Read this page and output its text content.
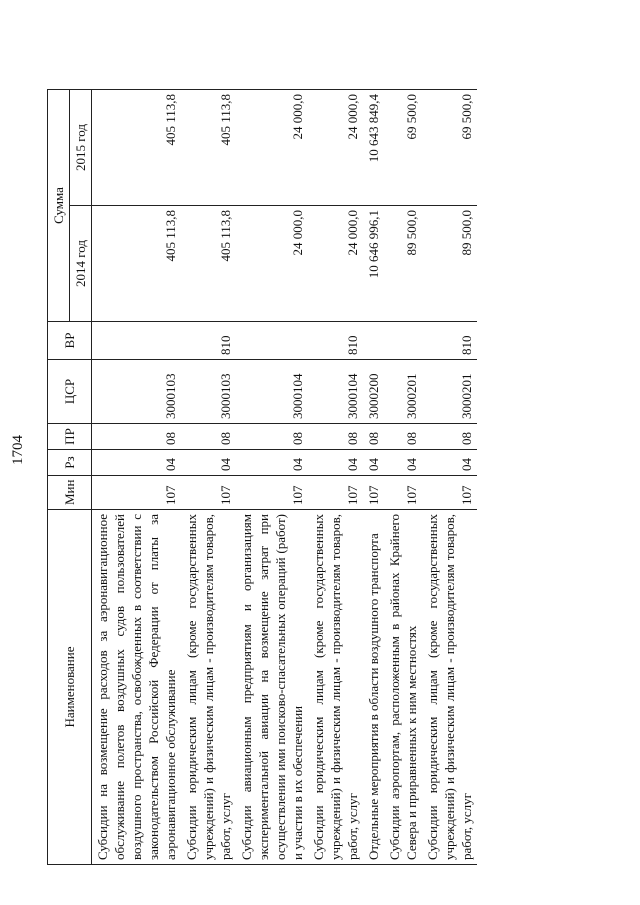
1704
Наименование	Мин	Рз	ПР	ЦСР	ВР	Сумма	
						2014 год	2015 год
Субсидии на возмещение расходов за аэронавигационное обслуживание полетов воздушных судов пользователей воздушного пространства, освобожденных в соответствии с законодательством Российской Федерации от платы за аэронавигационное обслуживание	107	04	08	3000103		405 113,8	405 113,8
Субсидии юридическим лицам (кроме государственных учреждений) и физическим лицам - производителям товаров, работ, услуг	107	04	08	3000103	810	405 113,8	405 113,8
Субсидии авиационным предприятиям и организациям экспериментальной авиации на возмещение затрат при осуществлении ими поисково-спасательных операций (работ) и участии в их обеспечении	107	04	08	3000104		24 000,0	24 000,0
Субсидии юридическим лицам (кроме государственных учреждений) и физическим лицам - производителям товаров, работ, услуг	107	04	08	3000104	810	24 000,0	24 000,0
Отдельные мероприятия в области воздушного транспорта	107	04	08	3000200		10 646 996,1	10 643 849,4
Субсидии аэропортам, расположенным в районах Крайнего Севера и приравненных к ним местностях	107	04	08	3000201		89 500,0	69 500,0
Субсидии юридическим лицам (кроме государственных учреждений) и физическим лицам - производителям товаров, работ, услуг	107	04	08	3000201	810	89 500,0	69 500,0
